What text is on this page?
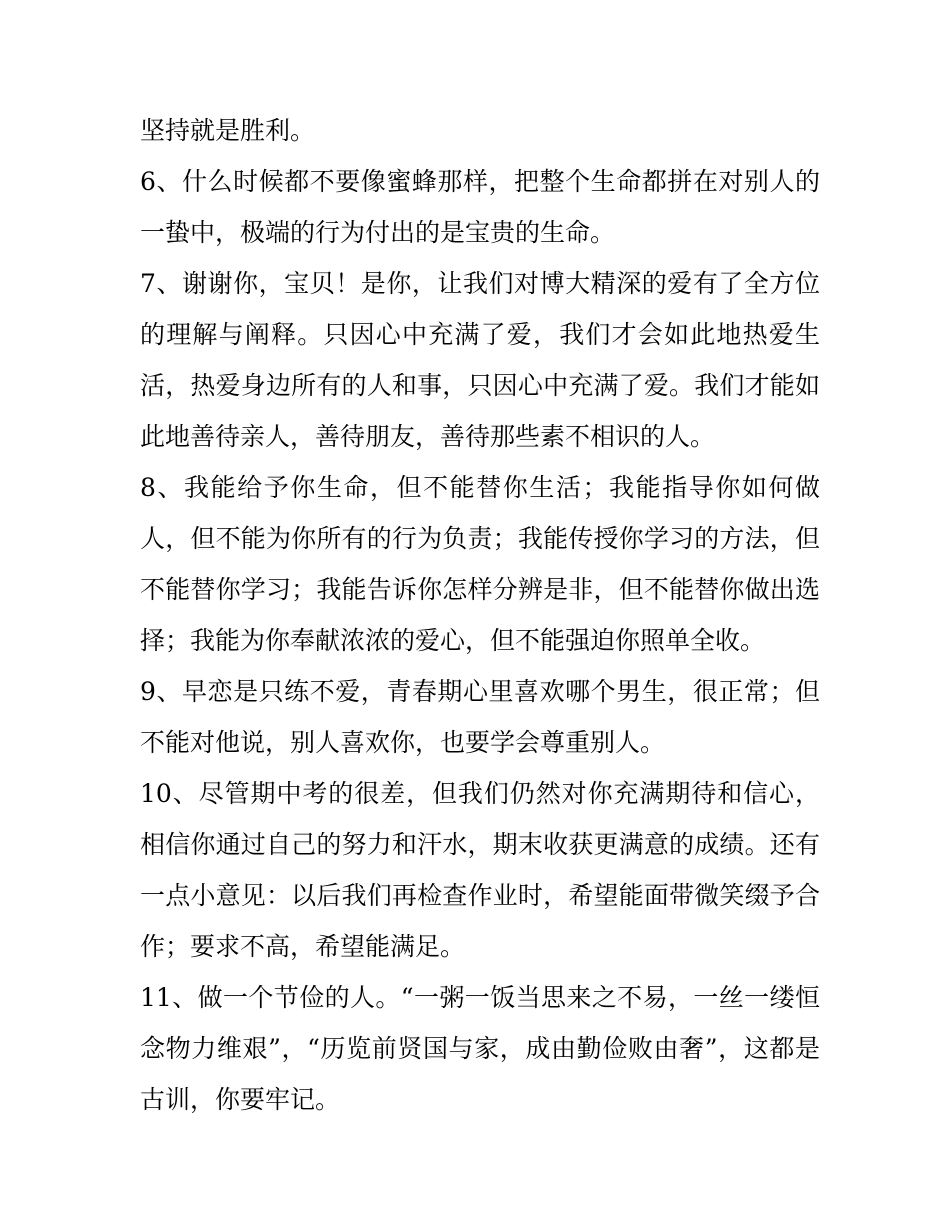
坚持就是胜利。

6、什么时候都不要像蜜蜂那样，把整个生命都拼在对别人的一蛰中，极端的行为付出的是宝贵的生命。

7、谢谢你，宝贝！是你，让我们对博大精深的爱有了全方位的理解与阐释。只因心中充满了爱，我们才会如此地热爱生活，热爱身边所有的人和事，只因心中充满了爱。我们才能如此地善待亲人，善待朋友，善待那些素不相识的人。

8、我能给予你生命，但不能替你生活；我能指导你如何做人，但不能为你所有的行为负责；我能传授你学习的方法，但不能替你学习；我能告诉你怎样分辨是非，但不能替你做出选择；我能为你奉献浓浓的爱心，但不能强迫你照单全收。

9、早恋是只练不爱，青春期心里喜欢哪个男生，很正常；但不能对他说，别人喜欢你，也要学会尊重别人。

10、尽管期中考的很差，但我们仍然对你充满期待和信心，相信你通过自己的努力和汗水，期末收获更满意的成绩。还有一点小意见：以后我们再检查作业时，希望能面带微笑缀予合作；要求不高，希望能满足。

11、做一个节俭的人。“一粥一饭当思来之不易，一丝一缕恒念物力维艰”，“历览前贤国与家，成由勤俭败由奢”，这都是古训，你要牢记。
